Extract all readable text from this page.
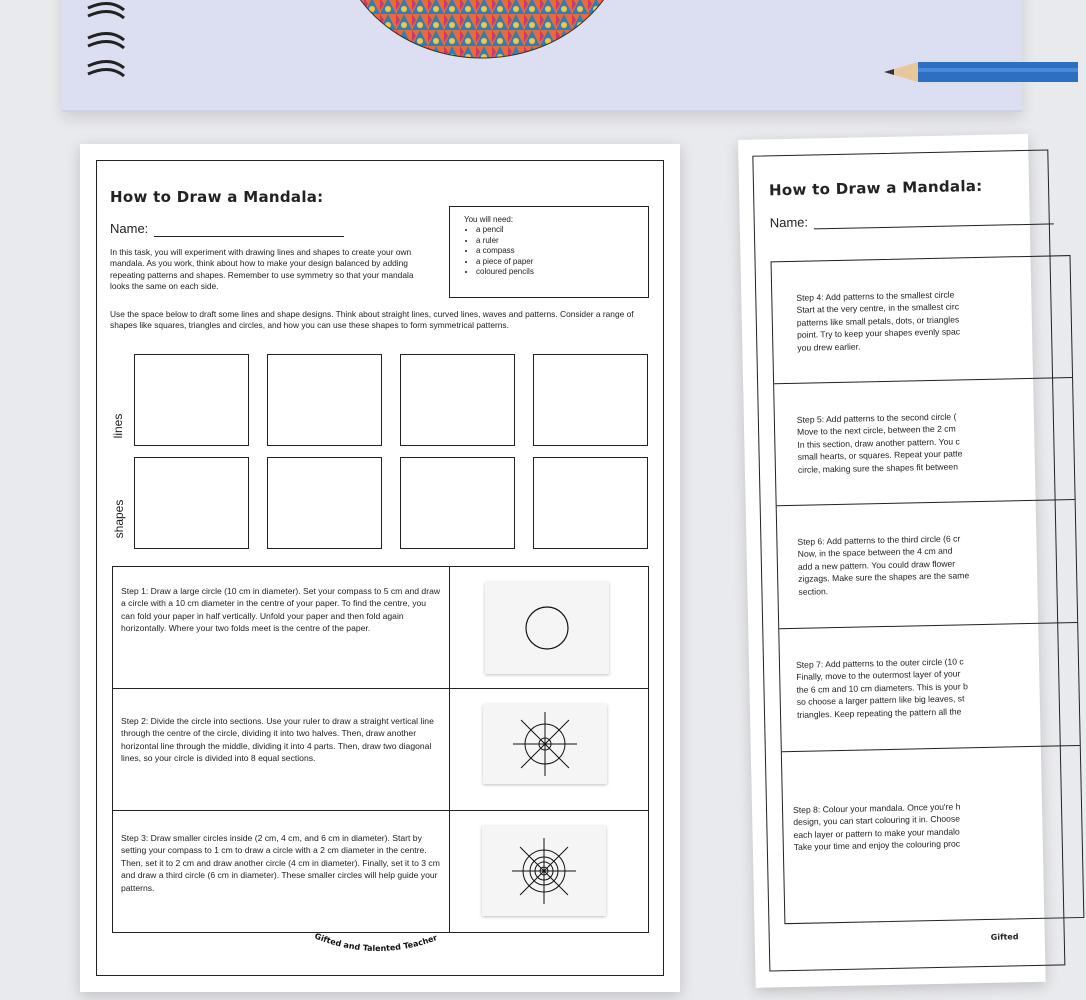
How to Draw a Mandala:
Name:
In this task, you will experiment with drawing lines and shapes to create your own mandala. As you work, think about how to make your design balanced by adding repeating patterns and shapes. Remember to use symmetry so that your mandala looks the same on each side.
You will need:
• a pencil
• a ruler
• a compass
• a piece of paper
• coloured pencils
Use the space below to draft some lines and shape designs. Think about straight lines, curved lines, waves and patterns. Consider a range of shapes like squares, triangles and circles, and how you can use these shapes to form symmetrical patterns.
lines
shapes
Step 1: Draw a large circle (10 cm in diameter). Set your compass to 5 cm and draw a circle with a 10 cm diameter in the centre of your paper. To find the centre, you can fold your paper in half vertically. Unfold your paper and then fold again horizontally. Where your two folds meet is the centre of the paper.
Step 2: Divide the circle into sections. Use your ruler to draw a straight vertical line through the centre of the circle, dividing it into two halves. Then, draw another horizontal line through the middle, dividing it into 4 parts. Then, draw two diagonal lines, so your circle is divided into 8 equal sections.
Step 3: Draw smaller circles inside (2 cm, 4 cm, and 6 cm in diameter). Start by setting your compass to 1 cm to draw a circle with a 2 cm diameter in the centre. Then, set it to 2 cm and draw another circle (4 cm in diameter). Finally, set it to 3 cm and draw a third circle (6 cm in diameter). These smaller circles will help guide your patterns.
Gifted and Talented Teacher
How to Draw a Mandala:
Name:
Step 4: Add patterns to the smallest circle
Start at the very centre, in the smallest circ
patterns like small petals, dots, or triangles
point. Try to keep your shapes evenly spac
you drew earlier.
Step 5: Add patterns to the second circle (
Move to the next circle, between the 2 cm
In this section, draw another pattern. You c
small hearts, or squares. Repeat your patte
circle, making sure the shapes fit between
Step 6: Add patterns to the third circle (6 cr
Now, in the space between the 4 cm and
add a new pattern. You could draw flower
zigzags. Make sure the shapes are the same
section.
Step 7: Add patterns to the outer circle (10 c
Finally, move to the outermost layer of your
the 6 cm and 10 cm diameters. This is your b
so choose a larger pattern like big leaves, st
triangles. Keep repeating the pattern all the
Step 8: Colour your mandala. Once you're h
design, you can start colouring it in. Choose
each layer or pattern to make your mandalo
Take your time and enjoy the colouring proc
Gifted
